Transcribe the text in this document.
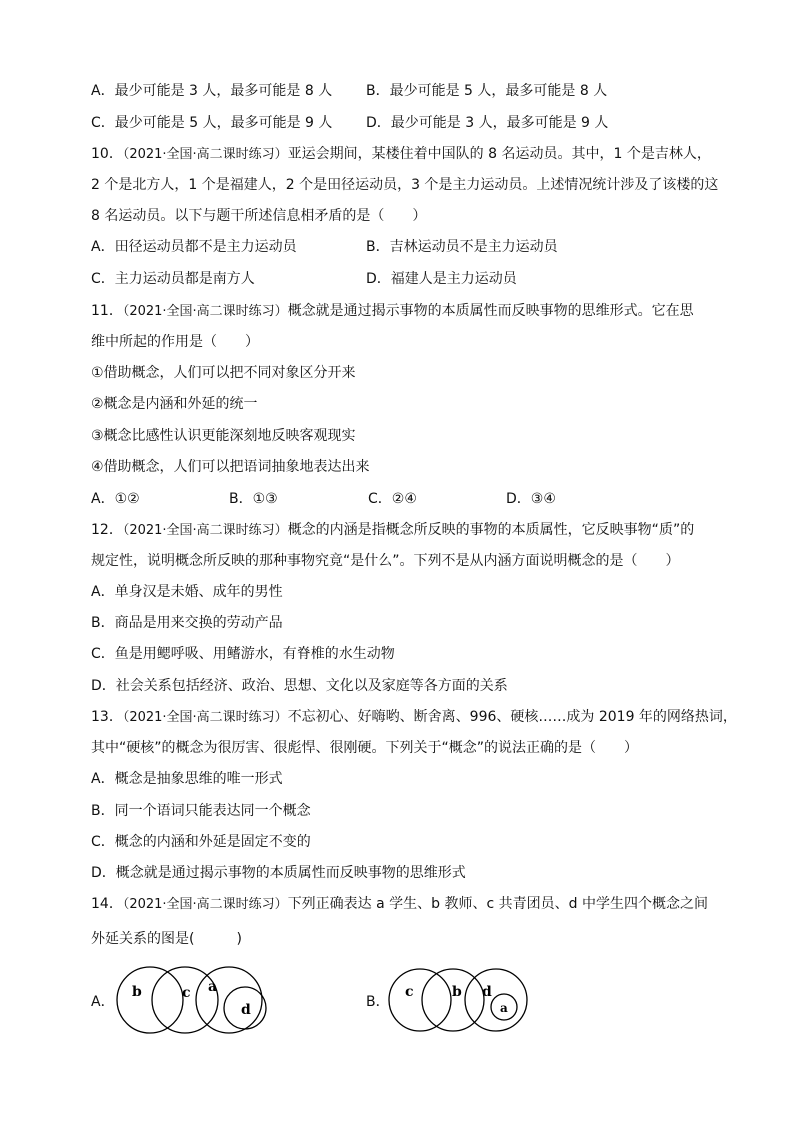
A．最少可能是 3 人，最多可能是 8 人 B．最少可能是 5 人，最多可能是 8 人
C．最少可能是 5 人，最多可能是 9 人 D．最少可能是 3 人，最多可能是 9 人
10．（2021·全国·高二课时练习）亚运会期间，某楼住着中国队的 8 名运动员。其中，1 个是吉林人，
2 个是北方人，1 个是福建人，2 个是田径运动员，3 个是主力运动员。上述情况统计涉及了该楼的这
8 名运动员。以下与题干所述信息相矛盾的是（　　）
A．田径运动员都不是主力运动员	B．吉林运动员不是主力运动员
C．主力运动员都是南方人	D．福建人是主力运动员
11．（2021·全国·高二课时练习）概念就是通过揭示事物的本质属性而反映事物的思维形式。它在思
维中所起的作用是（　　）
①借助概念，人们可以把不同对象区分开来
②概念是内涵和外延的统一
③概念比感性认识更能深刻地反映客观现实
④借助概念，人们可以把语词抽象地表达出来
A．①②	B．①③	C．②④	D．③④
12．（2021·全国·高二课时练习）概念的内涵是指概念所反映的事物的本质属性，它反映事物“质”的
规定性，说明概念所反映的那种事物究竟“是什么”。下列不是从内涵方面说明概念的是（　　）
A．单身汉是未婚、成年的男性
B．商品是用来交换的劳动产品
C．鱼是用鳃呼吸、用鳍游水，有脊椎的水生动物
D．社会关系包括经济、政治、思想、文化以及家庭等各方面的关系
13．（2021·全国·高二课时练习）不忘初心、好嗨哟、断舍离、996、硬核……成为 2019 年的网络热词，
其中“硬核”的概念为很厉害、很彪悍、很刚硬。下列关于“概念”的说法正确的是（　　）
A．概念是抽象思维的唯一形式
B．同一个语词只能表达同一个概念
C．概念的内涵和外延是固定不变的
D．概念就是通过揭示事物的本质属性而反映事物的思维形式
14．（2021·全国·高二课时练习）下列正确表达 a 学生、b 教师、c 共青团员、d 中学生四个概念之间
外延关系的图是(　　　)
A．
b	c a
d	B．
c	b d
a
